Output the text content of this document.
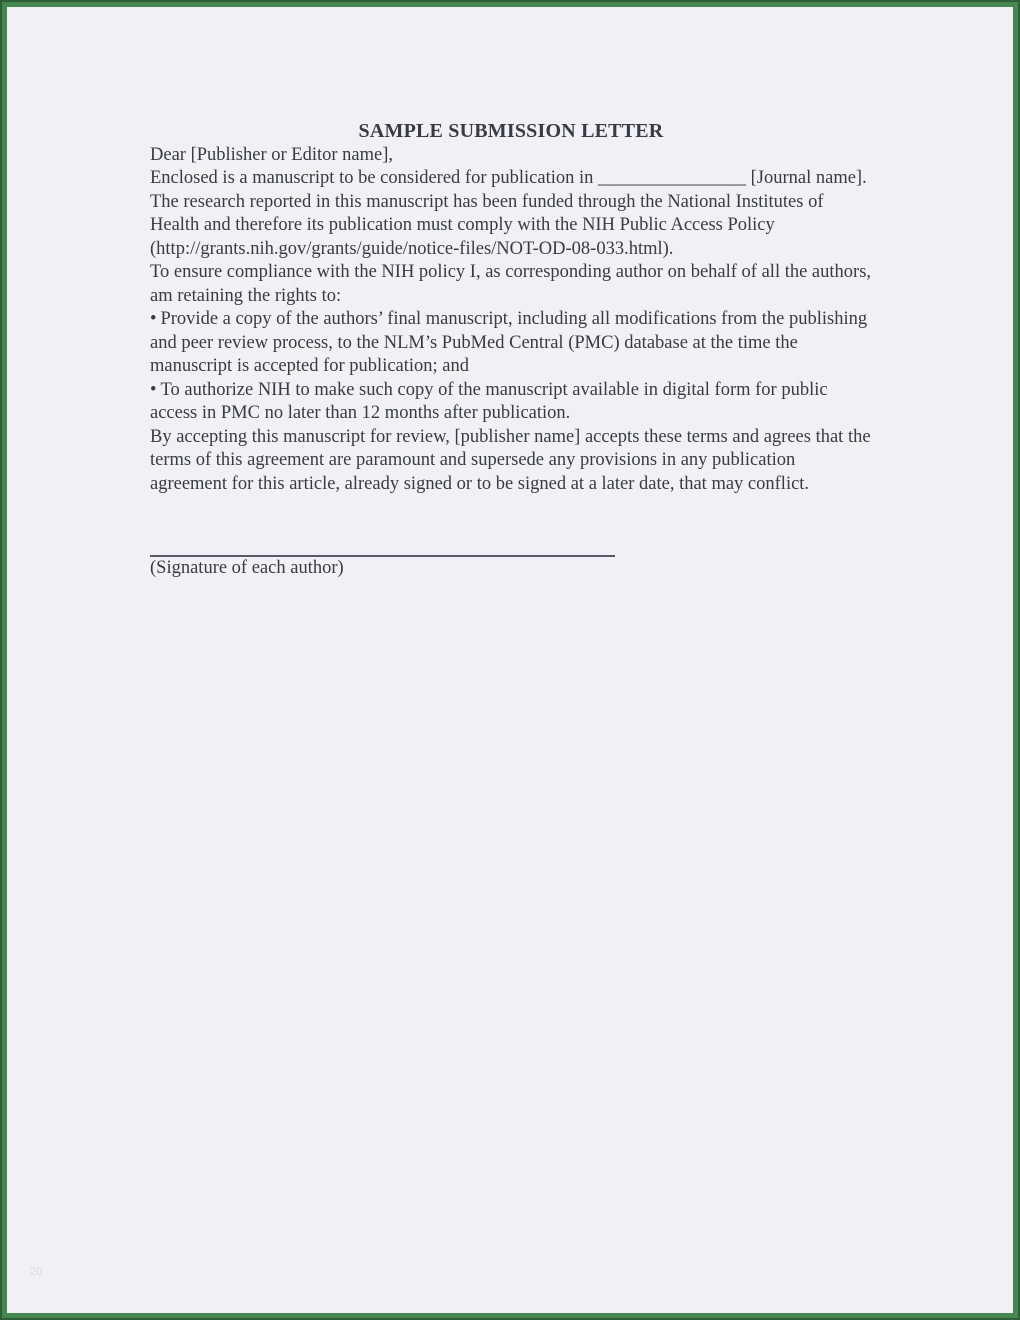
SAMPLE SUBMISSION LETTER

Dear [Publisher or Editor name],

Enclosed is a manuscript to be considered for publication in ________________ [Journal name].

The research reported in this manuscript has been funded through the National Institutes of Health and therefore its publication must comply with the NIH Public Access Policy (http://grants.nih.gov/grants/guide/notice-files/NOT-OD-08-033.html).

To ensure compliance with the NIH policy I, as corresponding author on behalf of all the authors, am retaining the rights to:

• Provide a copy of the authors’ final manuscript, including all modifications from the publishing and peer review process, to the NLM’s PubMed Central (PMC) database at the time the manuscript is accepted for publication; and

• To authorize NIH to make such copy of the manuscript available in digital form for public access in PMC no later than 12 months after publication.

By accepting this manuscript for review, [publisher name] accepts these terms and agrees that the terms of this agreement are paramount and supersede any provisions in any publication agreement for this article, already signed or to be signed at a later date, that may conflict.

(Signature of each author)

20
